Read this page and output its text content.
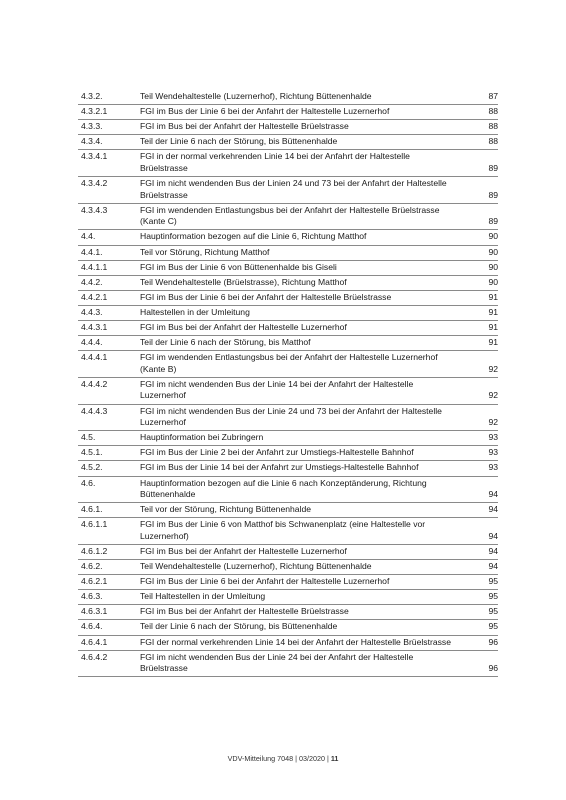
4.3.2.	Teil Wendehaltestelle (Luzernerhof), Richtung Büttenenhalde	87
4.3.2.1	FGI im Bus der Linie 6 bei der Anfahrt der Haltestelle Luzernerhof	88
4.3.3.	FGI im Bus bei der Anfahrt der Haltestelle Brüelstrasse	88
4.3.4.	Teil der Linie 6 nach der Störung, bis Büttenenhalde	88
4.3.4.1	FGI in der normal verkehrenden Linie 14 bei der Anfahrt der Haltestelle Brüelstrasse	89
4.3.4.2	FGI im nicht wendenden Bus der Linien 24 und 73 bei der Anfahrt der Haltestelle Brüelstrasse	89
4.3.4.3	FGI im wendenden Entlastungsbus bei der Anfahrt der Haltestelle Brüelstrasse (Kante C)	89
4.4.	Hauptinformation bezogen auf die Linie 6, Richtung Matthof	90
4.4.1.	Teil vor Störung, Richtung Matthof	90
4.4.1.1	FGI im Bus der Linie 6 von Büttenenhalde bis Giseli	90
4.4.2.	Teil Wendehaltestelle (Brüelstrasse), Richtung Matthof	90
4.4.2.1	FGI im Bus der Linie 6 bei der Anfahrt der Haltestelle Brüelstrasse	91
4.4.3.	Haltestellen in der Umleitung	91
4.4.3.1	FGI im Bus bei der Anfahrt der Haltestelle Luzernerhof	91
4.4.4.	Teil der Linie 6 nach der Störung, bis Matthof	91
4.4.4.1	FGI im wendenden Entlastungsbus bei der Anfahrt der Haltestelle Luzernerhof (Kante B)	92
4.4.4.2	FGI im nicht wendenden Bus der Linie 14 bei der Anfahrt der Haltestelle Luzernerhof	92
4.4.4.3	FGI im nicht wendenden Bus der Linie 24 und 73 bei der Anfahrt der Haltestelle Luzernerhof	92
4.5.	Hauptinformation bei Zubringern	93
4.5.1.	FGI im Bus der Linie 2 bei der Anfahrt zur Umstiegs-Haltestelle Bahnhof	93
4.5.2.	FGI im Bus der Linie 14 bei der Anfahrt zur Umstiegs-Haltestelle Bahnhof	93
4.6.	Hauptinformation bezogen auf die Linie 6 nach Konzeptänderung, Richtung Büttenenhalde	94
4.6.1.	Teil vor der Störung, Richtung Büttenenhalde	94
4.6.1.1	FGI im Bus der Linie 6 von Matthof bis Schwanenplatz (eine Haltestelle vor Luzernerhof)	94
4.6.1.2	FGI im Bus bei der Anfahrt der Haltestelle Luzernerhof	94
4.6.2.	Teil Wendehaltestelle (Luzernerhof), Richtung Büttenenhalde	94
4.6.2.1	FGI im Bus der Linie 6 bei der Anfahrt der Haltestelle Luzernerhof	95
4.6.3.	Teil Haltestellen in der Umleitung	95
4.6.3.1	FGI im Bus bei der Anfahrt der Haltestelle Brüelstrasse	95
4.6.4.	Teil der Linie 6 nach der Störung, bis Büttenenhalde	95
4.6.4.1	FGI der normal verkehrenden Linie 14 bei der Anfahrt der Haltestelle Brüelstrasse	96
4.6.4.2	FGI im nicht wendenden Bus der Linie 24 bei der Anfahrt der Haltestelle Brüelstrasse	96
VDV-Mitteilung 7048 | 03/2020 | 11
